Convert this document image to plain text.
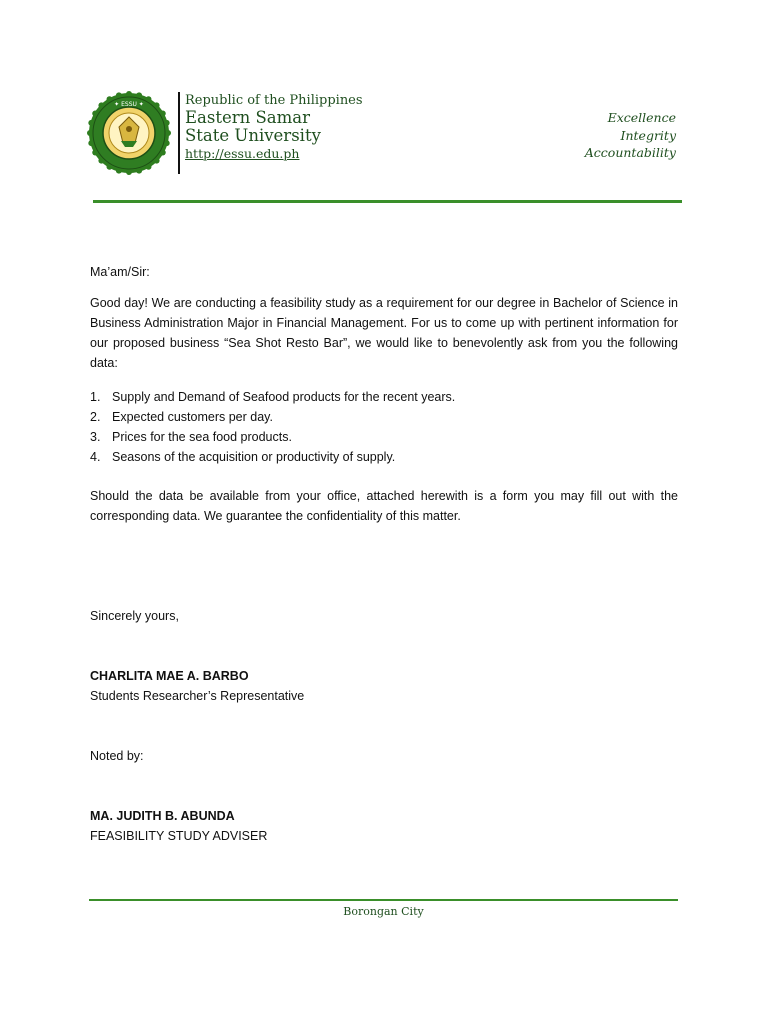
✦ ESSU ✦	Republic of the Philippines
Eastern Samar
State University
http://essu.edu.ph
Excellence
Integrity
Accountability
Ma’am/Sir:
Good day! We are conducting a feasibility study as a requirement for our degree in Bachelor of Science in Business Administration Major in Financial Management. For us to come up with pertinent information for our proposed business “Sea Shot Resto Bar”, we would like to benevolently ask from you the following data:
1. Supply and Demand of Seafood products for the recent years.
2. Expected customers per day.
3. Prices for the sea food products.
4. Seasons of the acquisition or productivity of supply.
Should the data be available from your office, attached herewith is a form you may fill out with the corresponding data. We guarantee the confidentiality of this matter.
Sincerely yours,
CHARLITA MAE A. BARBO
Students Researcher’s Representative
Noted by:
MA. JUDITH B. ABUNDA
FEASIBILITY STUDY ADVISER
Borongan City
